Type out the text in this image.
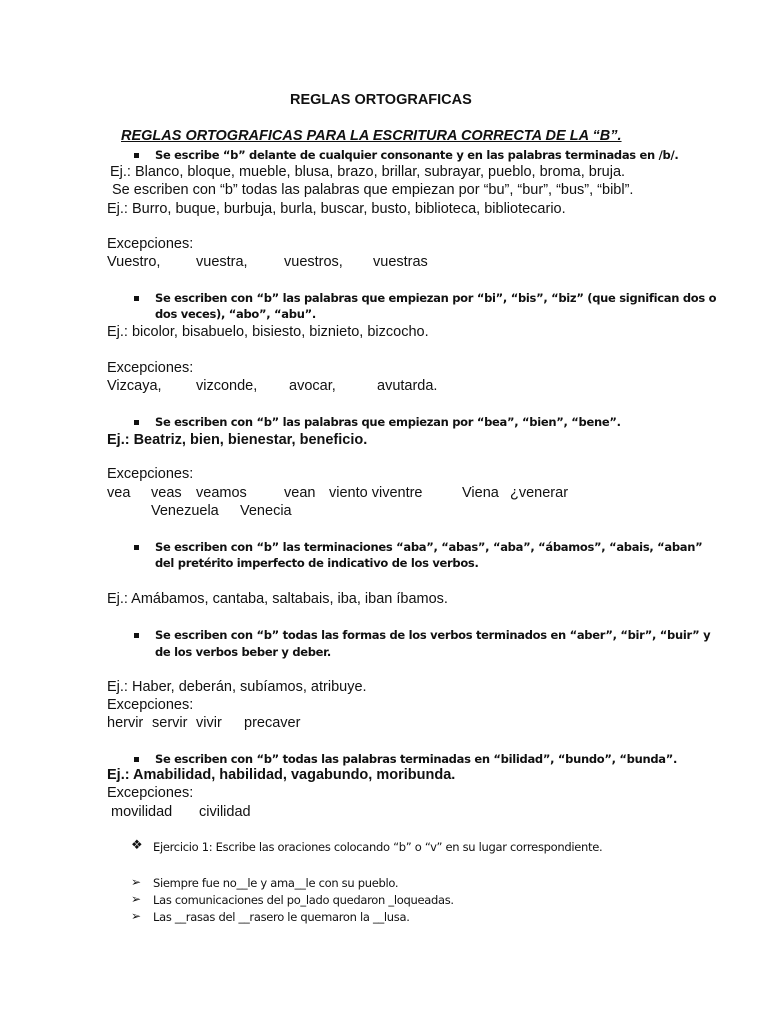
REGLAS ORTOGRAFICAS
REGLAS ORTOGRAFICAS PARA LA ESCRITURA CORRECTA DE LA “B”.
Se escribe “b” delante de cualquier consonante y en las palabras terminadas en /b/.
Ej.: Blanco, bloque, mueble, blusa, brazo, brillar, subrayar, pueblo, broma, bruja.
Se escriben con “b” todas las palabras que empiezan por “bu”, “bur”, “bus”, “bibl”.
Ej.: Burro, buque, burbuja, burla, buscar, busto, biblioteca, bibliotecario.
Excepciones:
Vuestro, vuestra,	vuestros, vuestras
Se escriben con “b” las palabras que empiezan por “bi”, “bis”, “biz” (que significan dos o
dos veces), “abo”, “abu”.
Ej.: bicolor, bisabuelo, bisiesto, biznieto, bizcocho.
Excepciones:
Vizcaya, vizconde, avocar,	avutarda.
Se escriben con “b” las palabras que empiezan por “bea”, “bien”, “bene”.
Ej.: Beatriz, bien, bienestar, beneficio.
Excepciones:
vea veas veamos	vean viento viventre	Viena ¿venerar
Venezuela Venecia
Se escriben con “b” las terminaciones “aba”, “abas”, “aba”, “ábamos”, “abais, “aban”
del pretérito imperfecto de indicativo de los verbos.
Ej.: Amábamos, cantaba, saltabais, iba, iban íbamos.
Se escriben con “b” todas las formas de los verbos terminados en “aber”, “bir”, “buir” y
de los verbos beber y deber.
Ej.: Haber, deberán, subíamos, atribuye.
Excepciones:
hervir servir vivir precaver
Se escriben con “b” todas las palabras terminadas en “bilidad”, “bundo”, “bunda”.
Ej.: Amabilidad, habilidad, vagabundo, moribunda.
Excepciones:
movilidad civilidad
❖ Ejercicio 1: Escribe las oraciones colocando “b” o “v” en su lugar correspondiente.
➢ Siempre fue no__le y ama__le con su pueblo.
➢ Las comunicaciones del po_lado quedaron _loqueadas.
➢ Las __rasas del __rasero le quemaron la __lusa.
